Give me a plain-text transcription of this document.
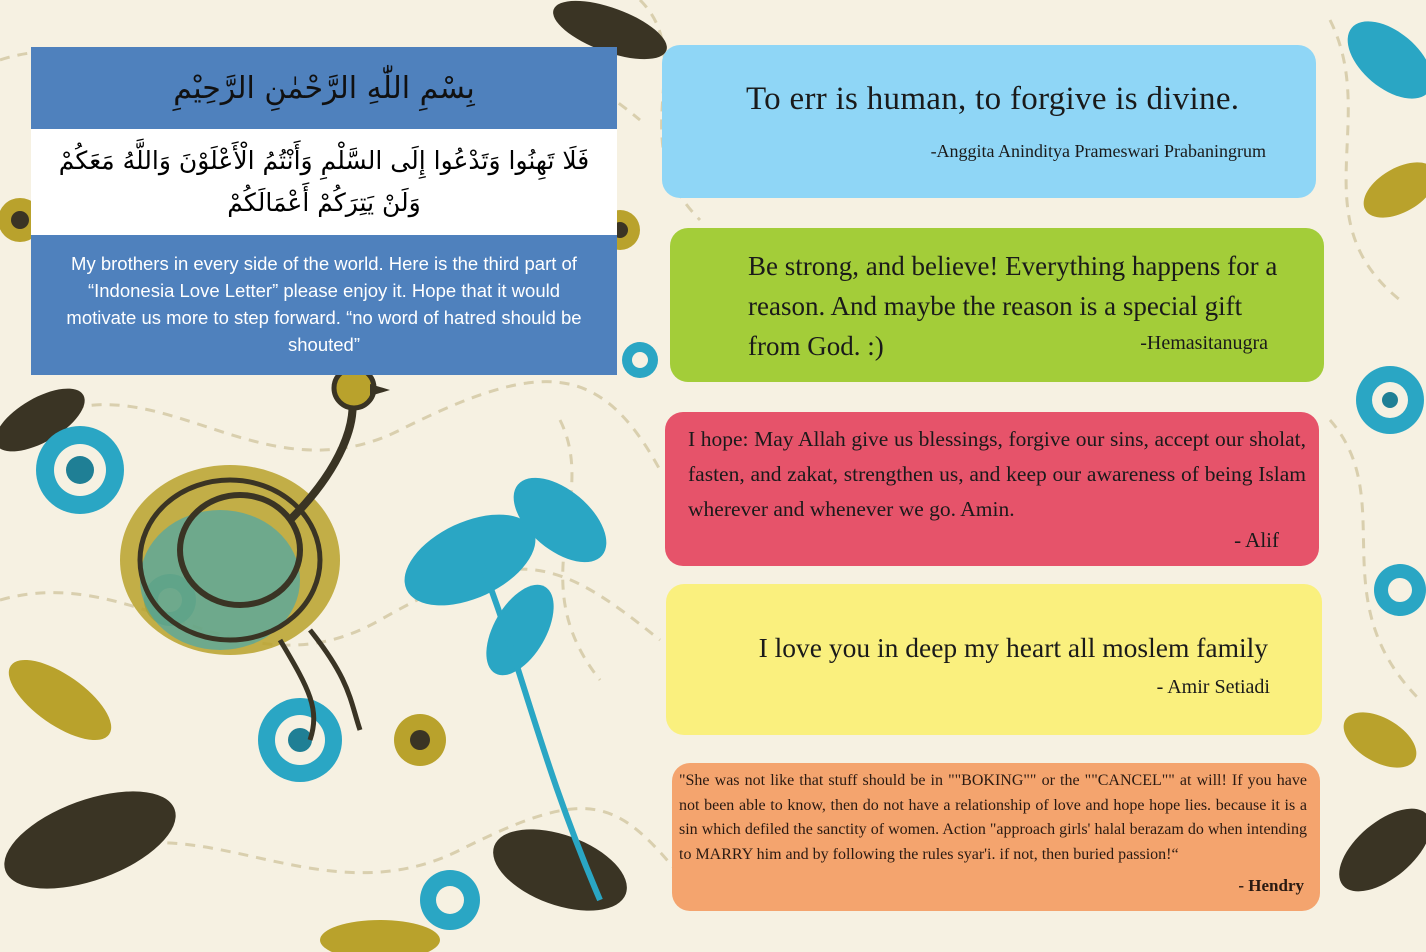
بِسْمِ اللّٰهِ الرَّحْمٰنِ الرَّحِيْمِ
فَلَا تَهِنُوا وَتَدْعُوا إِلَى السَّلْمِ وَأَنْتُمُ الْأَعْلَوْنَ وَاللَّهُ مَعَكُمْ وَلَنْ يَتِرَكُمْ أَعْمَالَكُمْ
My brothers in every side of the world. Here is the third part of “Indonesia Love Letter” please enjoy it. Hope that it would motivate us more to step forward. “no word of hatred should be shouted”
To err is human, to forgive is divine.
-Anggita Aninditya Prameswari Prabaningrum
Be strong, and believe! Everything happens for a reason. And maybe the reason is a special gift from God. :)	-Hemasitanugra
I hope: May Allah give us blessings, forgive our sins, accept our sholat, fasten, and zakat, strengthen us, and keep our awareness of being Islam wherever and whenever we go. Amin.
- Alif
I love you in deep my heart all moslem family
- Amir Setiadi
"She was not like that stuff should be in ""BOKING"" or the ""CANCEL"" at will! If you have not been able to know, then do not have a relationship of love and hope hope lies. because it is a sin which defiled the sanctity of women. Action "approach girls' halal berazam do when intending to MARRY him and by following the rules syar'i. if not, then buried passion!“
- Hendry
